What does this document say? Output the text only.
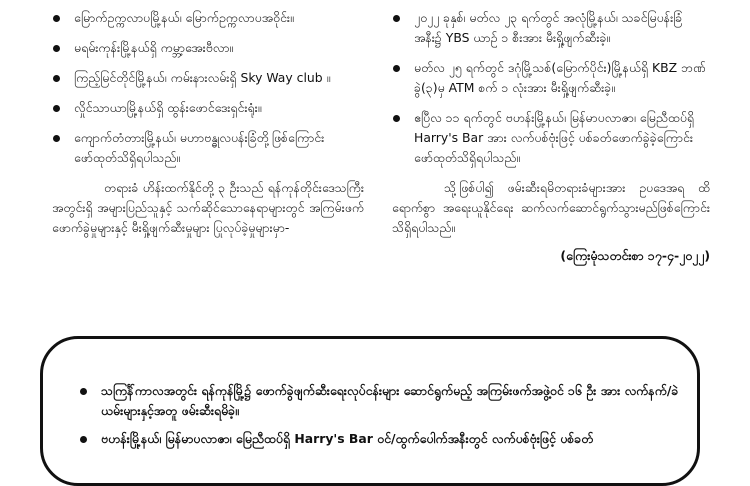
မြောက်ဥက္ကလာပမြို့နယ်၊ မြောက်ဥက္ကလာပအဝိုင်း။
မရမ်းကုန်းမြို့နယ်ရှိ ကမ္ဘာ့အေးဗီလာ။
ကြည့်မြင်တိုင်မြို့နယ်၊ ကမ်းနားလမ်းရှိ Sky Way club ။
လှိုင်သာယာမြို့နယ်ရှိ ထွန်းဖောင်ဒေးရှင်းရုံး။
ကျောက်တံတားမြို့နယ်၊ မဟာဗန္ဓုလပန်းခြံတို့ဖြစ်ကြောင်း ဖော်ထုတ်သိရှိရပါသည်။

တရားခံ ဟိန်းထက်နိုင်တို့ ၃ ဦးသည် ရန်ကုန်တိုင်းဒေသကြီးအတွင်းရှိ အများပြည်သူနှင့် သက်ဆိုင်သောနေရာများတွင် အကြမ်းဖက်ဖောက်ခွဲမှုများနှင့် မီးရှို့ဖျက်ဆီးမှုများ ပြုလုပ်ခဲ့မှုများမှာ-

၂၀၂၂ ခုနှစ်၊ မတ်လ ၂၃ ရက်တွင် အလုံမြို့နယ်၊ သခင်မြပန်းခြံအနီး၌ YBS ယာဉ် ၁ စီးအား မီးရှို့ဖျက်ဆီးခဲ့။
မတ်လ ၂၅ ရက်တွင် ဒဂုံမြို့သစ်(မြောက်ပိုင်း)မြို့နယ်ရှိ KBZ ဘဏ်ခွဲ(၃)မှ ATM စက် ၁ လုံးအား မီးရှို့ဖျက်ဆီးခဲ့။
ဧပြီလ ၁၁ ရက်တွင် ဗဟန်းမြို့နယ်၊ မြန်မာပလာဇာ၊ မြေညီထပ်ရှိ Harry's Bar အား လက်ပစ်ဗုံးဖြင့် ပစ်ခတ်ဖောက်ခွဲခဲ့ကြောင်း ဖော်ထုတ်သိရှိရပါသည်။

သို့ဖြစ်ပါ၍ ဖမ်းဆီးရမိတရားခံများအား ဥပဒေအရ ထိရောက်စွာ အရေးယူနိုင်ရေး ဆက်လက်ဆောင်ရွက်သွားမည်ဖြစ်ကြောင်း သိရှိရပါသည်။

(ကြေးမုံသတင်းစာ ၁၇-၄-၂၀၂၂)
သကြင်္န်ကာလအတွင်း ရန်ကုန်မြို့၌ ဖောက်ခွဲဖျက်ဆီးရေးလုပ်ငန်းများ ဆောင်ရွက်မည့် အကြမ်းဖက်အဖွဲ့ဝင် ၁၆ ဦး အား လက်နက်/ခဲယမ်းများနှင့်အတူ ဖမ်းဆီးရမိခဲ့။
ဗဟန်းမြို့နယ်၊ မြန်မာပလာဇာ၊ မြေညီထပ်ရှိ Harry's Bar ဝင်/ထွက်ပေါက်အနီးတွင် လက်ပစ်ဗုံးဖြင့် ပစ်ခတ်
